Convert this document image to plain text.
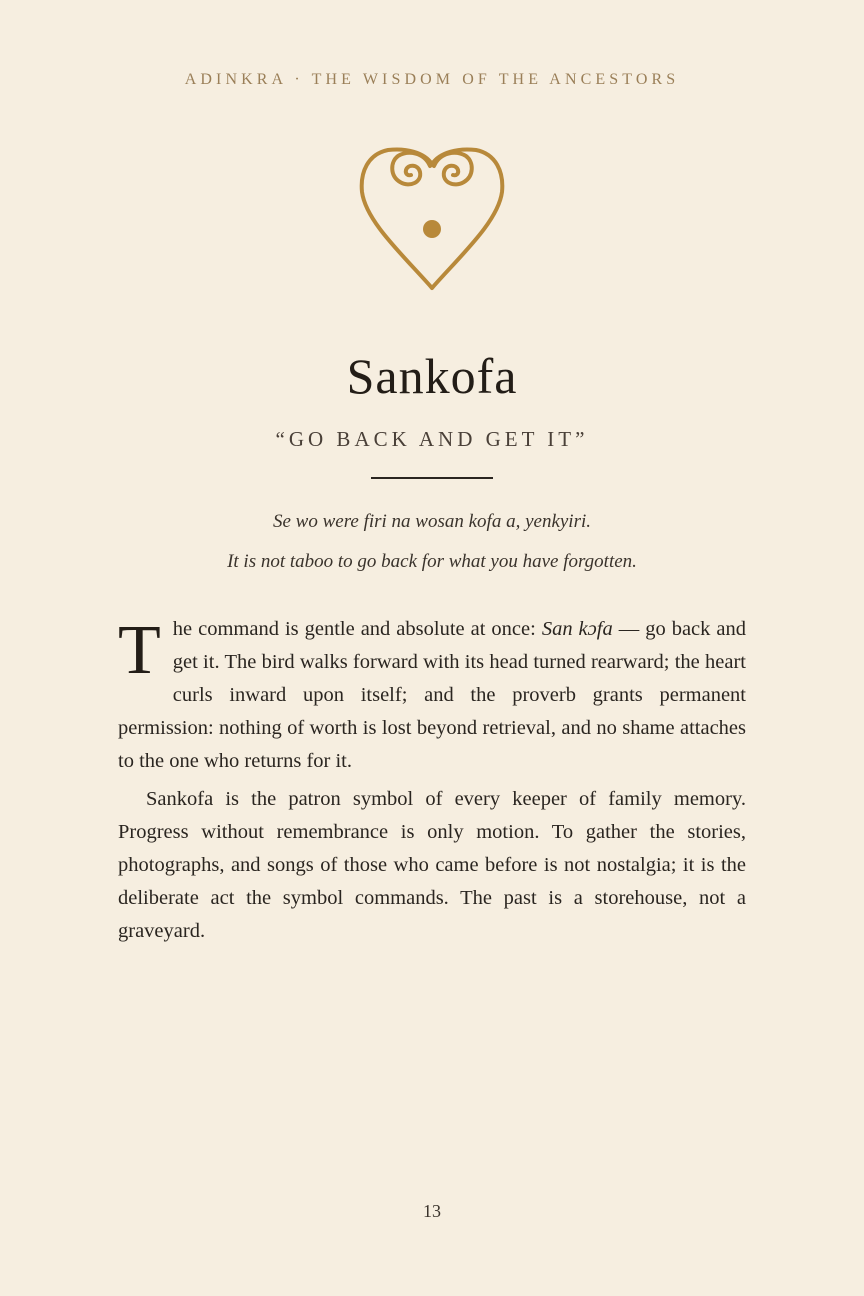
ADINKRA · THE WISDOM OF THE ANCESTORS
Sankofa
“GO BACK AND GET IT”
Se wo were firi na wosan kofa a, yenkyiri.
It is not taboo to go back for what you have forgotten.

The command is gentle and absolute at once: San kɔfa — go back and get it. The bird walks forward with its head turned rearward; the heart curls inward upon itself; and the proverb grants permanent permission: nothing of worth is lost beyond retrieval, and no shame attaches to the one who returns for it.

Sankofa is the patron symbol of every keeper of family memory. Progress without remembrance is only motion. To gather the stories, photographs, and songs of those who came before is not nostalgia; it is the deliberate act the symbol commands. The past is a storehouse, not a graveyard.

13
